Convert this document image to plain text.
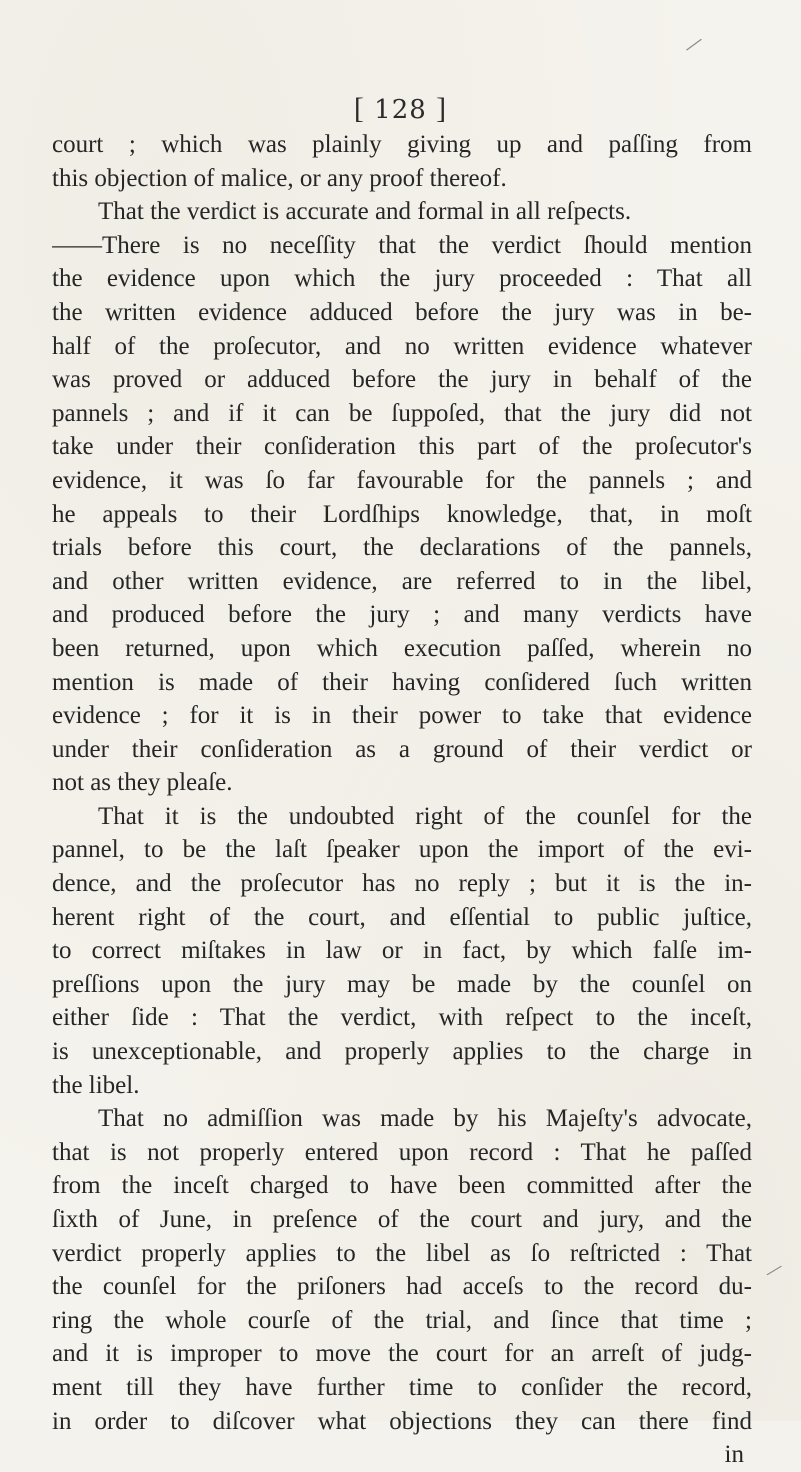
[ 128 ]
court ; which was plainly giving up and paſſing from
this objection of malice, or any proof thereof.
That the verdict is accurate and formal in all reſpects.
——There is no neceſſity that the verdict ſhould mention
the evidence upon which the jury proceeded : That all
the written evidence adduced before the jury was in be-
half of the proſecutor, and no written evidence whatever
was proved or adduced before the jury in behalf of the
pannels ; and if it can be ſuppoſed, that the jury did not
take under their conſideration this part of the proſecutor's
evidence, it was ſo far favourable for the pannels ; and
he appeals to their Lordſhips knowledge, that, in moſt
trials before this court, the declarations of the pannels,
and other written evidence, are referred to in the libel,
and produced before the jury ; and many verdicts have
been returned, upon which execution paſſed, wherein no
mention is made of their having conſidered ſuch written
evidence ; for it is in their power to take that evidence
under their conſideration as a ground of their verdict or
not as they pleaſe.
That it is the undoubted right of the counſel for the
pannel, to be the laſt ſpeaker upon the import of the evi-
dence, and the proſecutor has no reply ; but it is the in-
herent right of the court, and eſſential to public juſtice,
to correct miſtakes in law or in fact, by which falſe im-
preſſions upon the jury may be made by the counſel on
either ſide : That the verdict, with reſpect to the inceſt,
is unexceptionable, and properly applies to the charge in
the libel.
That no admiſſion was made by his Majeſty's advocate,
that is not properly entered upon record : That he paſſed
from the inceſt charged to have been committed after the
ſixth of June, in preſence of the court and jury, and the
verdict properly applies to the libel as ſo reſtricted : That
the counſel for the priſoners had acceſs to the record du-
ring the whole courſe of the trial, and ſince that time ;
and it is improper to move the court for an arreſt of judg-
ment till they have further time to conſider the record,
in order to diſcover what objections they can there find
in
/
/
